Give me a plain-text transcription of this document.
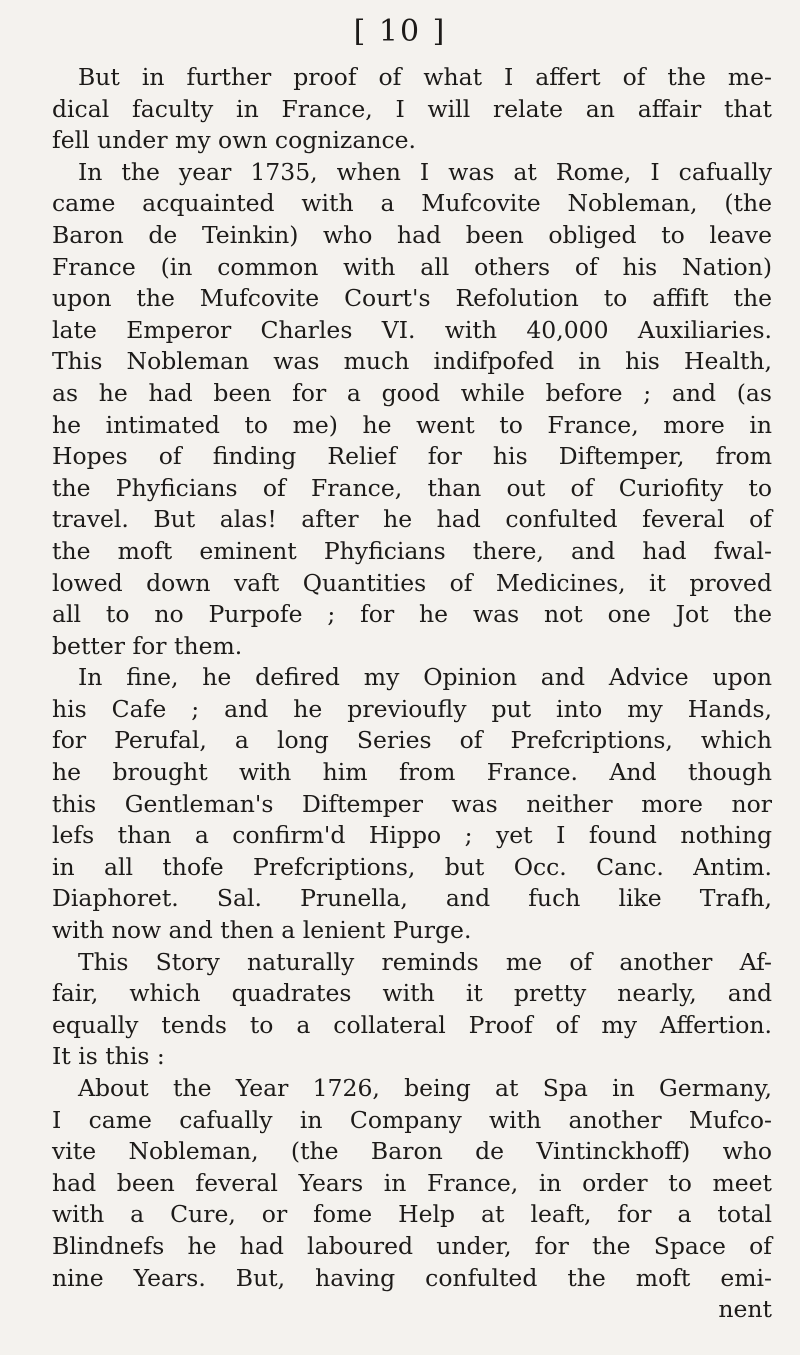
[ 10 ]
But in further proof of what I affert of the me-
dical faculty in France, I will relate an affair that
fell under my own cognizance.
In the year 1735, when I was at Rome, I cafually
came acquainted with a Mufcovite Nobleman, (the
Baron de Teinkin) who had been obliged to leave
France (in common with all others of his Nation)
upon the Mufcovite Court's Refolution to affift the
late Emperor Charles VI. with 40,000 Auxiliaries.
This Nobleman was much indifpofed in his Health,
as he had been for a good while before ; and (as
he intimated to me) he went to France, more in
Hopes of finding Relief for his Diftemper, from
the Phyficians of France, than out of Curiofity to
travel. But alas! after he had confulted feveral of
the moft eminent Phyficians there, and had fwal-
lowed down vaft Quantities of Medicines, it proved
all to no Purpofe ; for he was not one Jot the
better for them.
In fine, he defired my Opinion and Advice upon
his Cafe ; and he previoufly put into my Hands,
for Perufal, a long Series of Prefcriptions, which
he brought with him from France. And though
this Gentleman's Diftemper was neither more nor
lefs than a confirm'd Hippo ; yet I found nothing
in all thofe Prefcriptions, but Occ. Canc. Antim.
Diaphoret. Sal. Prunella, and fuch like Trafh,
with now and then a lenient Purge.
This Story naturally reminds me of another Af-
fair, which quadrates with it pretty nearly, and
equally tends to a collateral Proof of my Affertion.
It is this :
About the Year 1726, being at Spa in Germany,
I came cafually in Company with another Mufco-
vite Nobleman, (the Baron de Vintinckhoff) who
had been feveral Years in France, in order to meet
with a Cure, or fome Help at leaft, for a total
Blindnefs he had laboured under, for the Space of
nine Years. But, having confulted the moft emi-
nent
